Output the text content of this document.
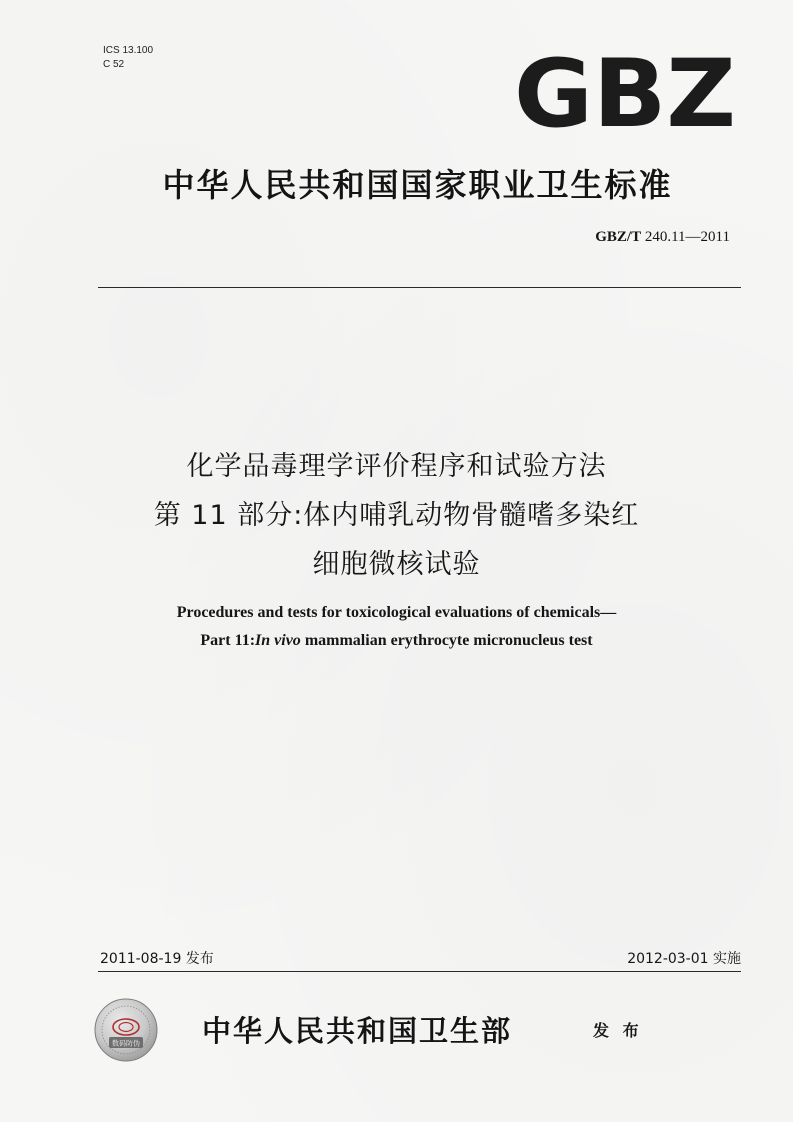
ICS 13.100
C 52	GBZ
中华人民共和国国家职业卫生标准
GBZ/T 240.11—2011
化学品毒理学评价程序和试验方法
第 11 部分:体内哺乳动物骨髓嗜多染红
细胞微核试验
Procedures and tests for toxicological evaluations of chemicals—
Part 11:In vivo mammalian erythrocyte micronucleus test
2011-08-19 发布	2012-03-01 实施
数码防伪 中华人民共和国卫生部	发 布
